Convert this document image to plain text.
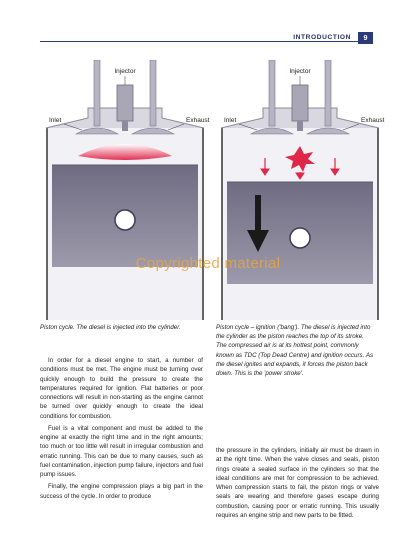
INTRODUCTION	9
Injector
Inlet	Exhaust
Injector
Inlet	Exhaust
Copyrighted material
Piston cycle. The diesel is injected into the cylinder.	Piston cycle – ignition ('bang'). The diesel is injected into the cylinder as the piston reaches the top of its stroke. The compressed air is at its hottest point, commonly known as TDC (Top Dead Centre) and ignition occurs. As the diesel ignites and expands, it forces the piston back down. This is the 'power stroke'.

In order for a diesel engine to start, a number of conditions must be met. The engine must be turning over quickly enough to build the pressure to create the temperatures required for ignition. Flat batteries or poor connections will result in non-starting as the engine cannot be turned over quickly enough to create the ideal conditions for combustion.

Fuel is a vital component and must be added to the engine at exactly the right time and in the right amounts; too much or too little will result in irregular combustion and erratic running. This can be due to many causes, such as fuel contamination, injection pump failure, injectors and fuel pump issues.

Finally, the engine compression plays a big part in the success of the cycle. In order to produce

the pressure in the cylinders, initially air must be drawn in at the right time. When the valve closes and seals, piston rings create a sealed surface in the cylinders so that the ideal conditions are met for compression to be achieved. When compression starts to fail, the piston rings or valve seals are wearing and therefore gases escape during combustion, causing poor or erratic running. This usually requires an engine strip and new parts to be fitted.
